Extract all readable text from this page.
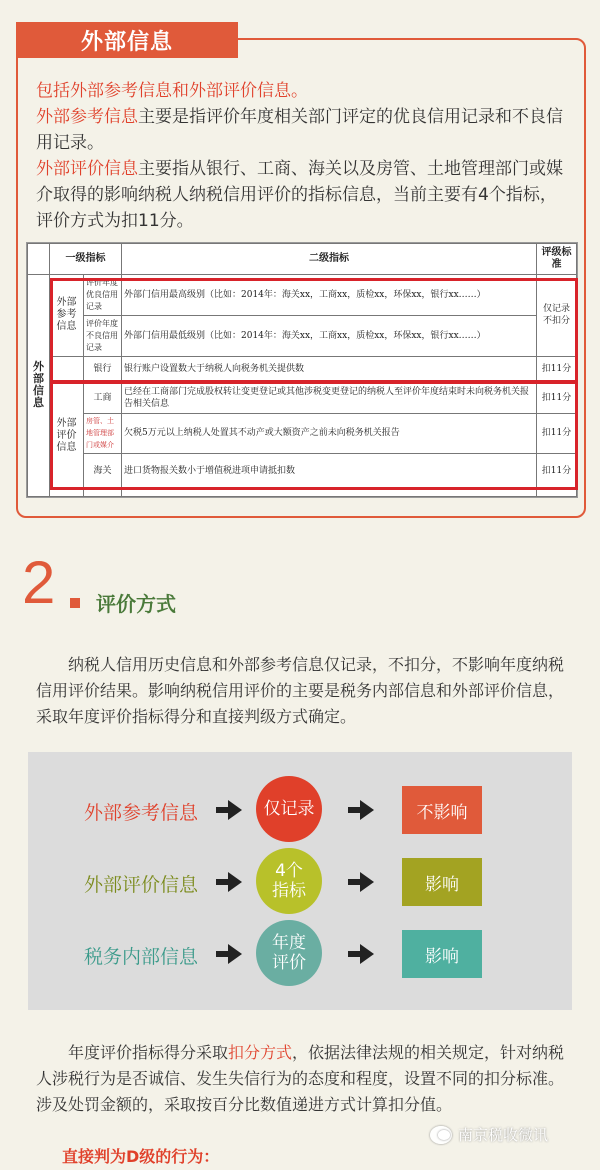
外部信息
包括外部参考信息和外部评价信息。
外部参考信息主要是指评价年度相关部门评定的优良信用记录和不良信用记录。
外部评价信息主要指从银行、工商、海关以及房管、土地管理部门或媒介取得的影响纳税人纳税信用评价的指标信息，当前主要有4个指标，评价方式为扣11分。
	一级指标		二级指标	评级标准
外部信息	外部参考信息	评价年度优良信用记录	外部门信用最高级别（比如：2014年：海关xx，工商xx，质检xx，环保xx，银行xx……）	仅记录不扣分
		评价年度不良信用记录	外部门信用最低级别（比如：2014年：海关xx，工商xx，质检xx，环保xx，银行xx……）	
		银行	银行账户设置数大于纳税人向税务机关提供数	扣11分
	外部评价信息	工商	已经在工商部门完成股权转让变更登记或其他涉税变更登记的纳税人至评价年度结束时未向税务机关报告相关信息	扣11分
		房管、土地管理部门或媒介	欠税5万元以上纳税人处置其不动产或大额资产之前未向税务机关报告	扣11分
		海关	进口货物报关数小于增值税进项申请抵扣数	扣11分

2 评价方式
纳税人信用历史信息和外部参考信息仅记录，不扣分，不影响年度纳税信用评价结果。影响纳税信用评价的主要是税务内部信息和外部评价信息，采取年度评价指标得分和直接判级方式确定。
外部参考信息	仅记录	不影响
外部评价信息
4个指标	影响
税务内部信息
年度评价	影响
年度评价指标得分采取扣分方式，依据法律法规的相关规定，针对纳税人涉税行为是否诚信、发生失信行为的态度和程度，设置不同的扣分标准。涉及处罚金额的，采取按百分比数值递进方式计算扣分值。
南京税收微讯
直接判为D级的行为：
